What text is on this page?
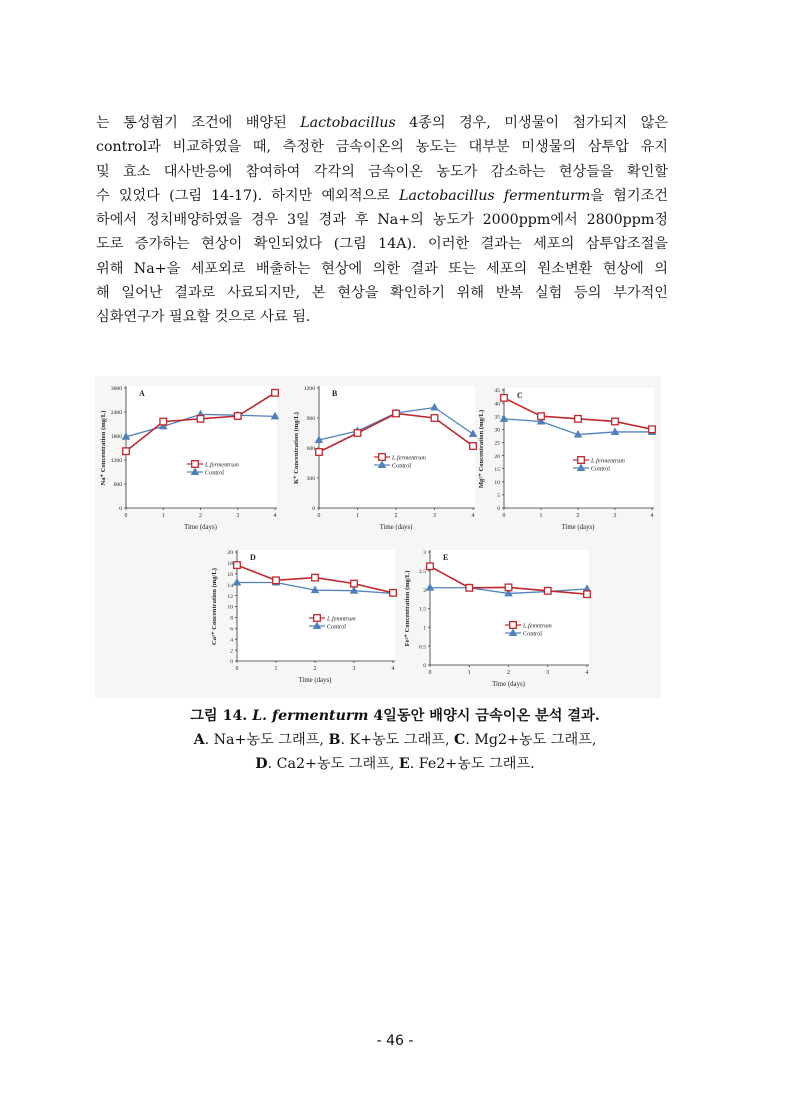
는 통성혐기 조건에 배양된 Lactobacillus 4종의 경우, 미생물이 첨가되지 않은
control과 비교하였을 때, 측정한 금속이온의 농도는 대부분 미생물의 삼투압 유지
및 효소 대사반응에 참여하여 각각의 금속이온 농도가 감소하는 현상들을 확인할
수 있었다 (그림 14-17). 하지만 예외적으로 Lactobacillus fermenturm을 혐기조건
하에서 정치배양하였을 경우 3일 경과 후 Na+의 농도가 2000ppm에서 2800ppm정
도로 증가하는 현상이 확인되었다 (그림 14A). 이러한 결과는 세포의 삼투압조절을
위해 Na+을 세포외로 배출하는 현상에 의한 결과 또는 세포의 원소변환 현상에 의
해 일어난 결과로 사료되지만, 본 현상을 확인하기 위해 반복 실험 등의 부가적인
심화연구가 필요할 것으로 사료 됨.
0
600
1200
1800
2400
3000
0	1	2	3	4
Time (days)
Na⁺ Concentration (mg/L)
A
L.fermentrum
Control
0
300
600
900
1200
0	1	2	3	4
Time (days)
K⁺ Concentration (mg/L)
B
L.fermentrum
Control
0
5
10
15
20
25
30
35
40
45
0	1	2	3	4
Time (days)
Mg²⁺ Concentration (mg/L)
C
L.fermentrum
Control
0
2
4
6
8
10
12
14
16
18
20
0	1	2	3	4
Time (days)
Ca²⁺ Concentration (mg/L)
D
L.femntrum
Control
0
0.5
1
1.5
2
2.5
3
0	1	2	3	4
Time (days)
Fe²⁺ Concentration (mg/L)
E
L.femntrum
Control
그림 14. L. fermenturm 4일동안 배양시 금속이온 분석 결과.
A. Na+농도 그래프, B. K+농도 그래프, C. Mg2+농도 그래프,
D. Ca2+농도 그래프, E. Fe2+농도 그래프.
- 46 -
